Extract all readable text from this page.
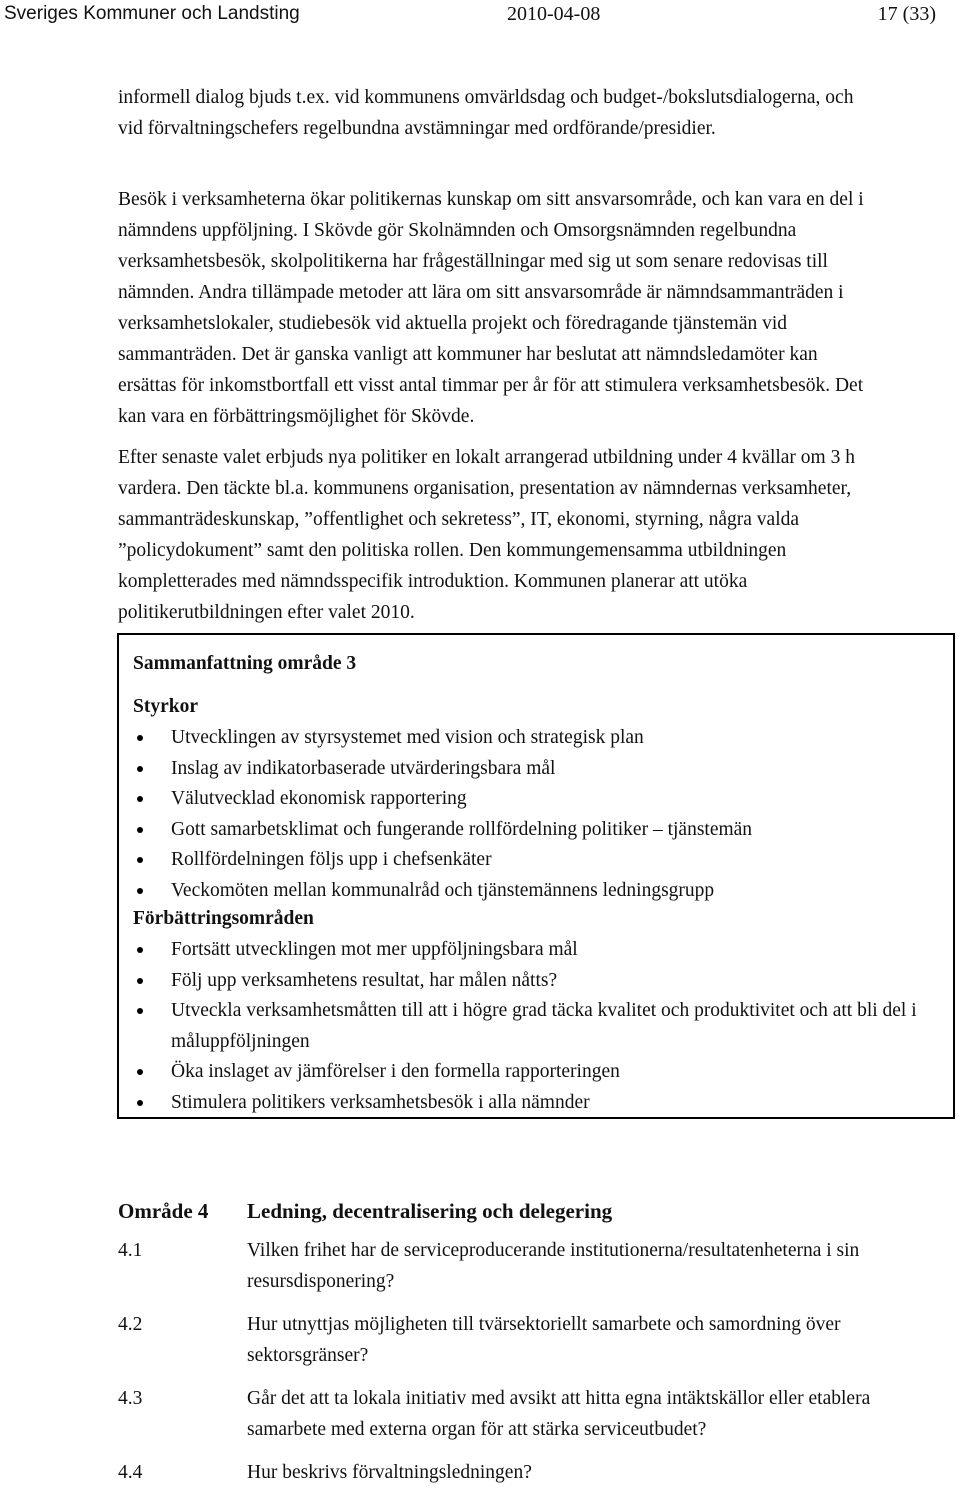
Sveriges Kommuner och Landsting	2010-04-08	17 (33)

informell dialog bjuds t.ex. vid kommunens omvärldsdag och budget-/bokslutsdialogerna, och vid förvaltningschefers regelbundna avstämningar med ordförande/presidier.

Besök i verksamheterna ökar politikernas kunskap om sitt ansvarsområde, och kan vara en del i nämndens uppföljning. I Skövde gör Skolnämnden och Omsorgsnämnden regelbundna verksamhetsbesök, skolpolitikerna har frågeställningar med sig ut som senare redovisas till nämnden. Andra tillämpade metoder att lära om sitt ansvarsområde är nämndsammanträden i verksamhetslokaler, studiebesök vid aktuella projekt och föredragande tjänstemän vid sammanträden. Det är ganska vanligt att kommuner har beslutat att nämndsledamöter kan ersättas för inkomstbortfall ett visst antal timmar per år för att stimulera verksamhetsbesök. Det kan vara en förbättringsmöjlighet för Skövde.

Efter senaste valet erbjuds nya politiker en lokalt arrangerad utbildning under 4 kvällar om 3 h vardera. Den täckte bl.a. kommunens organisation, presentation av nämndernas verksamheter, sammanträdeskunskap, ”offentlighet och sekretess”, IT, ekonomi, styrning, några valda ”policydokument” samt den politiska rollen. Den kommungemensamma utbildningen kompletterades med nämndsspecifik introduktion. Kommunen planerar att utöka politikerutbildningen efter valet 2010.

Sammanfattning område 3
Styrkor
Utvecklingen av styrsystemet med vision och strategisk plan
Inslag av indikatorbaserade utvärderingsbara mål
Välutvecklad ekonomisk rapportering
Gott samarbetsklimat och fungerande rollfördelning politiker – tjänstemän
Rollfördelningen följs upp i chefsenkäter
Veckomöten mellan kommunalråd och tjänstemännens ledningsgrupp
Förbättringsområden
Fortsätt utvecklingen mot mer uppföljningsbara mål
Följ upp verksamhetens resultat, har målen nåtts?
Utveckla verksamhetsmåtten till att i högre grad täcka kvalitet och produktivitet och att bli del i måluppföljningen
Öka inslaget av jämförelser i den formella rapporteringen
Stimulera politikers verksamhetsbesök i alla nämnder
Område 4 Ledning, decentralisering och delegering
4.1	Vilken frihet har de serviceproducerande institutionerna/resultatenheterna i sin resursdisponering?
4.2	Hur utnyttjas möjligheten till tvärsektoriellt samarbete och samordning över sektorsgränser?
4.3	Går det att ta lokala initiativ med avsikt att hitta egna intäktskällor eller etablera samarbete med externa organ för att stärka serviceutbudet?
4.4	Hur beskrivs förvaltningsledningen?
